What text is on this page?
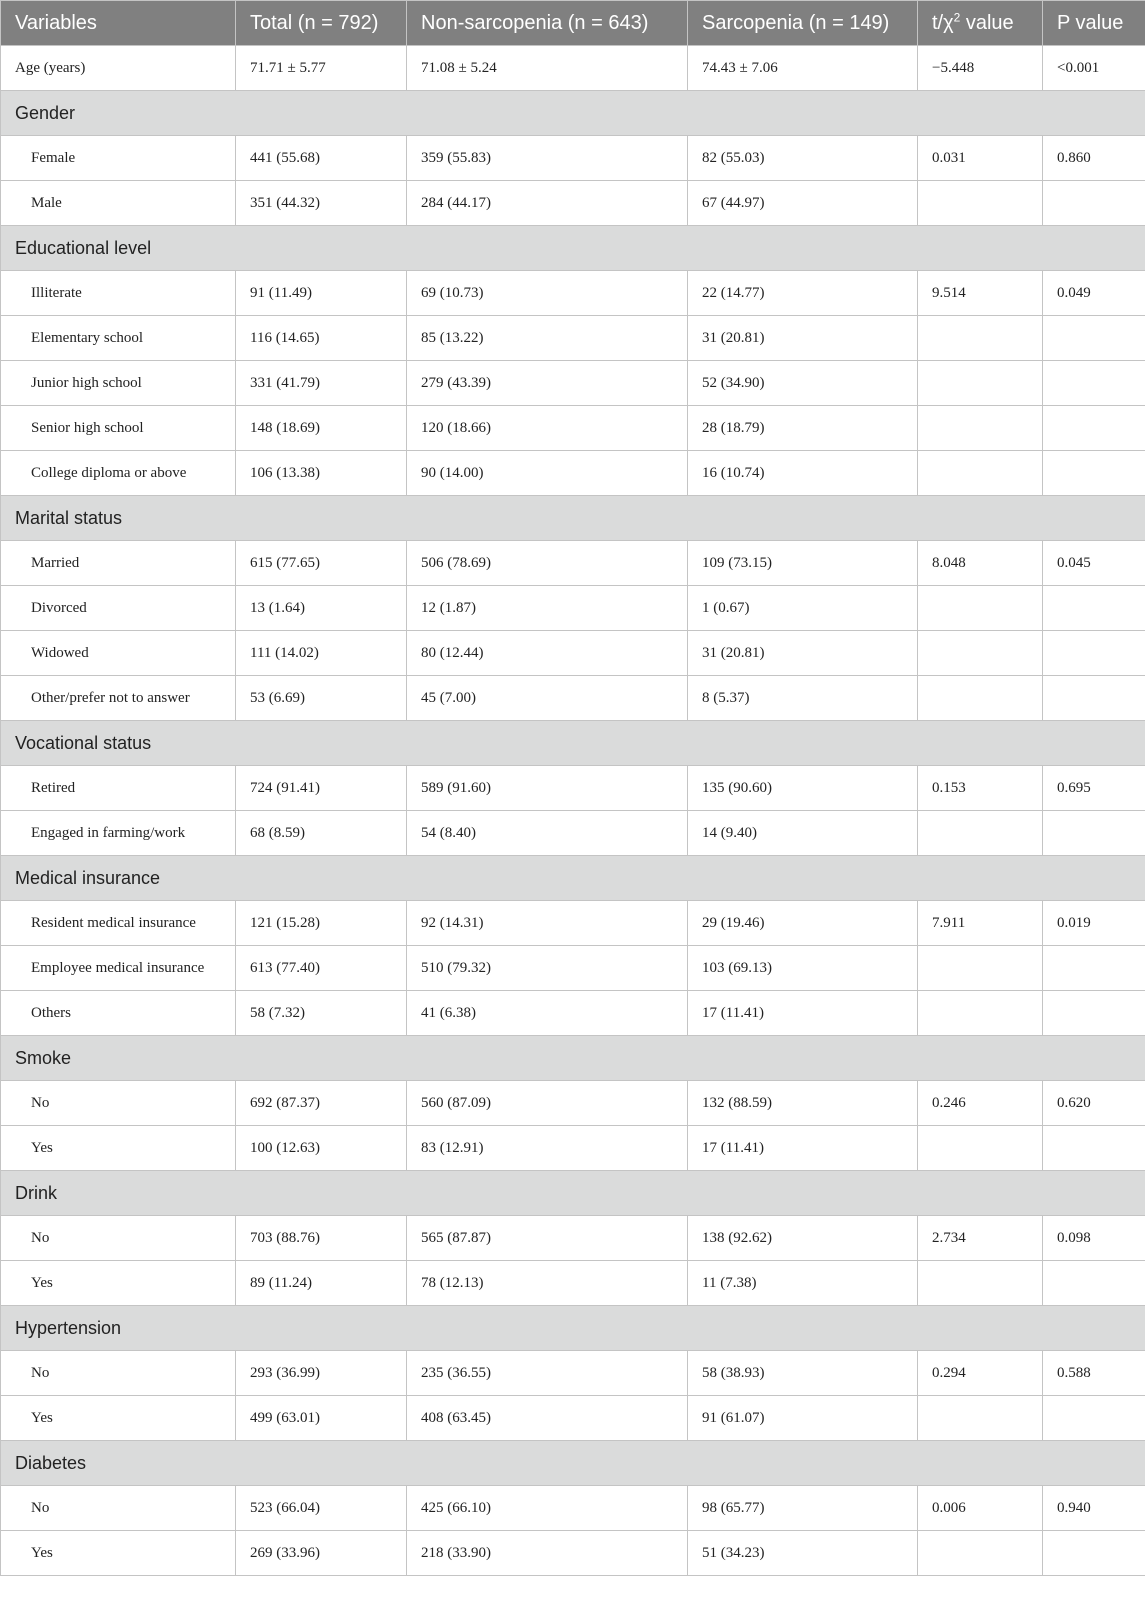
Variables	Total (n = 792)	Non-sarcopenia (n = 643)	Sarcopenia (n = 149)	$t/\chi^2$ value	P value
Age (years)	71.71 ± 5.77	71.08 ± 5.24	74.43 ± 7.06	−5.448	<0.001
Gender					
Female	441 (55.68)	359 (55.83)	82 (55.03)	0.031	0.860
Male	351 (44.32)	284 (44.17)	67 (44.97)		
Educational level					
Illiterate	91 (11.49)	69 (10.73)	22 (14.77)	9.514	0.049
Elementary school	116 (14.65)	85 (13.22)	31 (20.81)		
Junior high school	331 (41.79)	279 (43.39)	52 (34.90)		
Senior high school	148 (18.69)	120 (18.66)	28 (18.79)		
College diploma or above	106 (13.38)	90 (14.00)	16 (10.74)		
Marital status					
Married	615 (77.65)	506 (78.69)	109 (73.15)	8.048	0.045
Divorced	13 (1.64)	12 (1.87)	1 (0.67)		
Widowed	111 (14.02)	80 (12.44)	31 (20.81)		
Other/prefer not to answer	53 (6.69)	45 (7.00)	8 (5.37)		
Vocational status					
Retired	724 (91.41)	589 (91.60)	135 (90.60)	0.153	0.695
Engaged in farming/work	68 (8.59)	54 (8.40)	14 (9.40)		
Medical insurance					
Resident medical insurance	121 (15.28)	92 (14.31)	29 (19.46)	7.911	0.019
Employee medical insurance	613 (77.40)	510 (79.32)	103 (69.13)		
Others	58 (7.32)	41 (6.38)	17 (11.41)		
Smoke					
No	692 (87.37)	560 (87.09)	132 (88.59)	0.246	0.620
Yes	100 (12.63)	83 (12.91)	17 (11.41)		
Drink					
No	703 (88.76)	565 (87.87)	138 (92.62)	2.734	0.098
Yes	89 (11.24)	78 (12.13)	11 (7.38)		
Hypertension					
No	293 (36.99)	235 (36.55)	58 (38.93)	0.294	0.588
Yes	499 (63.01)	408 (63.45)	91 (61.07)		
Diabetes					
No	523 (66.04)	425 (66.10)	98 (65.77)	0.006	0.940
Yes	269 (33.96)	218 (33.90)	51 (34.23)		
